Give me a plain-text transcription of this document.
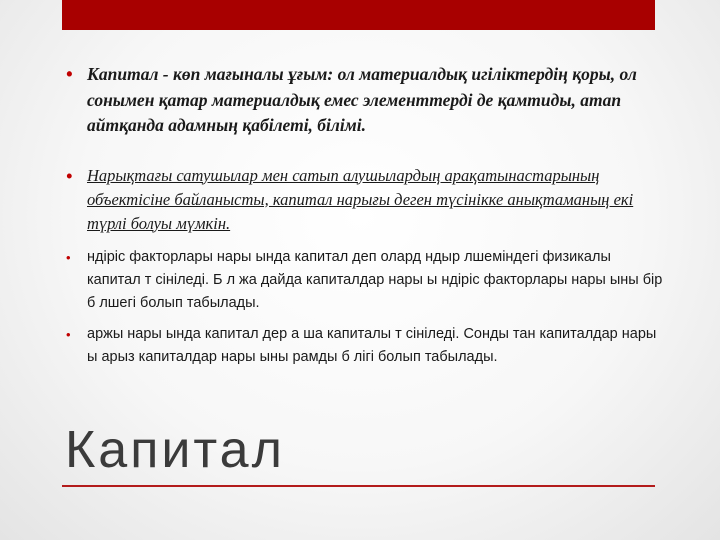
• Капитал - көп мағыналы ұғым: ол материалдық игіліктердің қоры, ол сонымен қатар материалдық емес элементтерді де қамтиды, атап айтқанда адамның қабілеті, білімі.
• Нарықтағы сатушылар мен сатып алушылардың арақатынастарының объектісіне байланысты, капитал нарығы деген түсінікке анықтаманың екі түрлі болуы мүмкін.
• ндіріс факторлары нары ында капитал деп олард ндыр лшеміндегі физикалы капитал т сініледі. Б л жа дайда капиталдар нары ы ндіріс факторлары нары ыны бір б лшегі болып табылады.
• аржы нары ында капитал дер а ша капиталы т сініледі. Сонды тан капиталдар нары ы арыз капиталдар нары ыны рамды б лігі болып табылады.
Капитал
